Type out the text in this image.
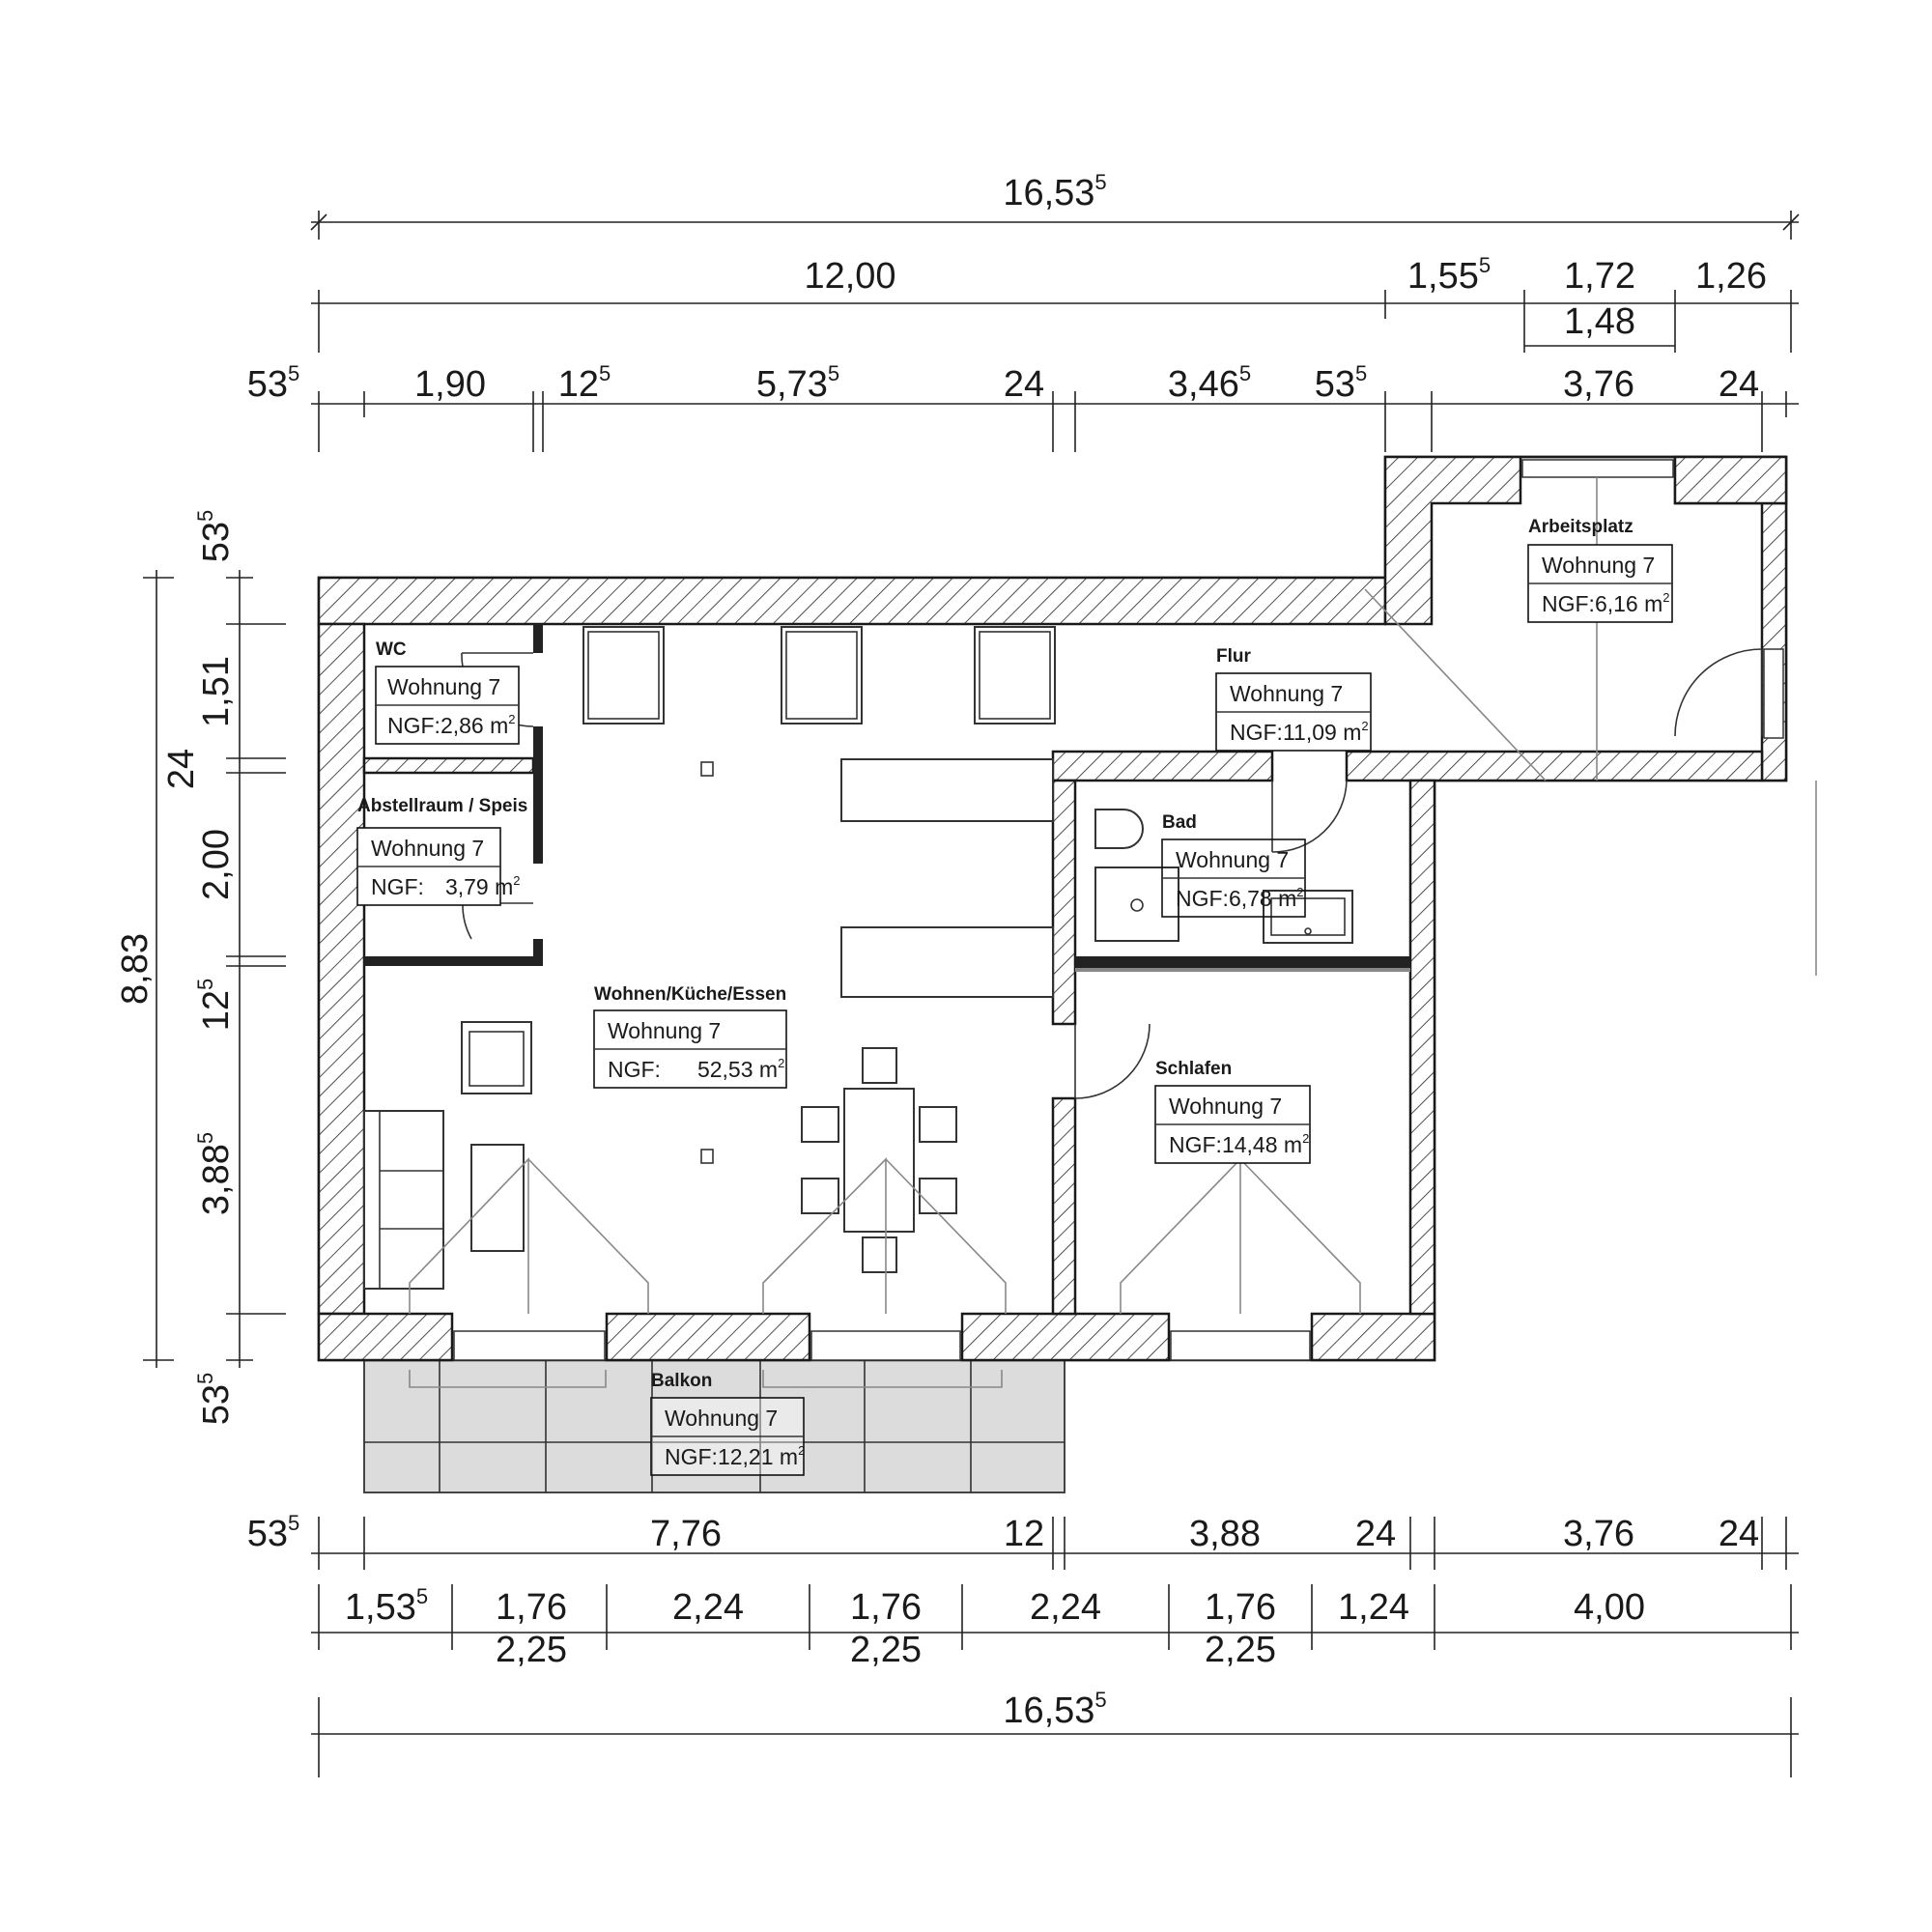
WC
Wohnung 7
NGF:2,86 $m^2$
Abstellraum / Speis
Wohnung 7
NGF: 3,79 $m^2$
Wohnen/Küche/Essen
Wohnung 7
NGF: 52,53 $m^2$
Flur
Wohnung 7
NGF:11,09 $m^2$
Arbeitsplatz
Wohnung 7
NGF:6,16 $m^2$
Bad
Wohnung 7
NGF:6,78 $m^2$
Schlafen
Wohnung 7
NGF:14,48 $m^2$
Balkon
Wohnung 7
NGF:12,21 $m^2$
16,53$^5$
12,00	1,55$^5$ 1,72 1,26
1,48
$53^5$	1,90 $12^5$	5,73$^5$	24	3,46$^5$ $53^5$	3,76 24
8,83
$53^5$
1,51
24
2,00
$12^5$
3,88$^5$
$53^5$
$53^5$	7,76	12	3,88	24	3,76 24
1,53$^5$ 1,76	2,24	1,76	2,24	1,76 1,24	4,00
2,25	2,25	2,25
16,53$^5$
